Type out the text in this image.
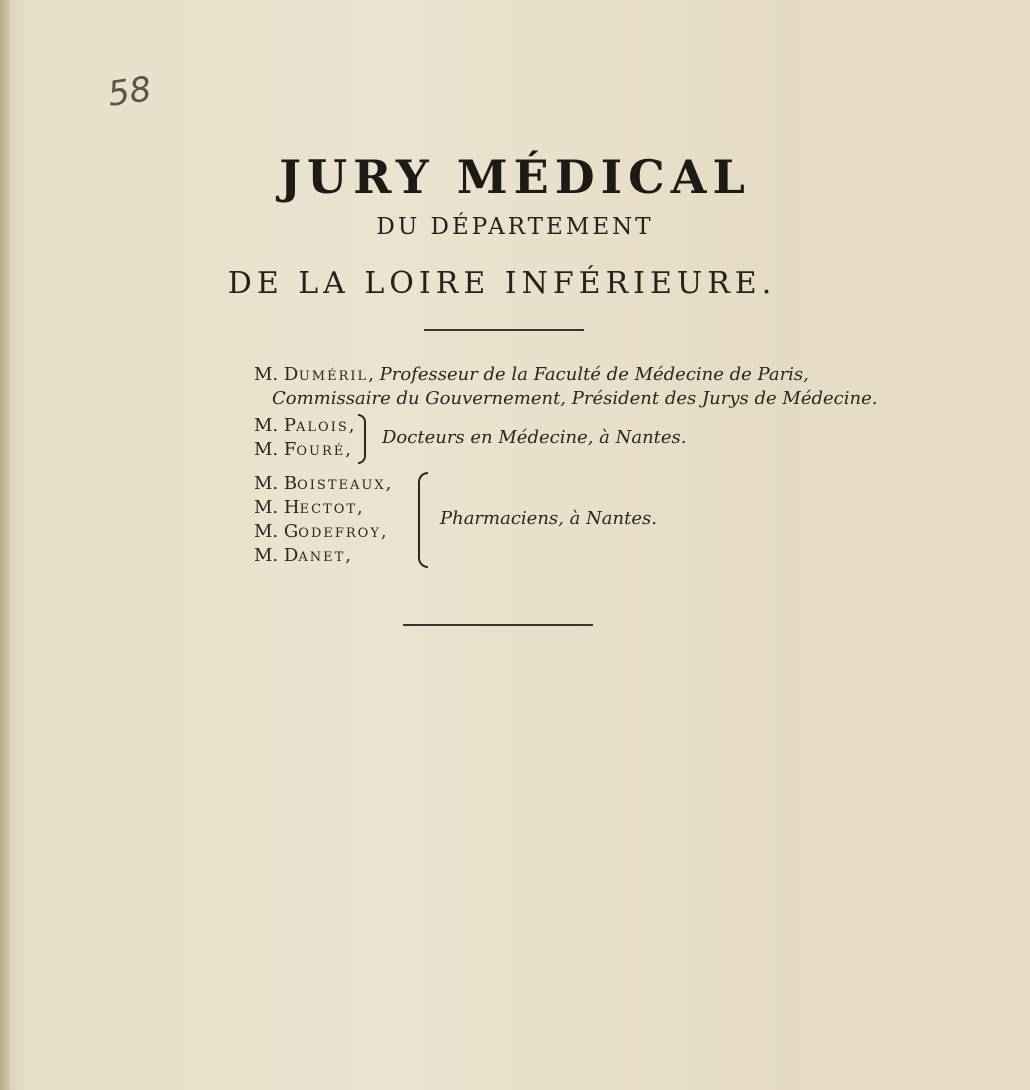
58
JURY MÉDICAL
DU DÉPARTEMENT
DE LA LOIRE INFÉRIEURE.
M. DUMÉRIL, Professeur de la Faculté de Médecine de Paris,
Commissaire du Gouvernement, Président des Jurys de Médecine.
M. PALOIS,
M. FOURÉ,
Docteurs en Médecine, à Nantes.
M. BOISTEAUX,
M. HECTOT,
M. GODEFROY,
M. DANET,
Pharmaciens, à Nantes.
